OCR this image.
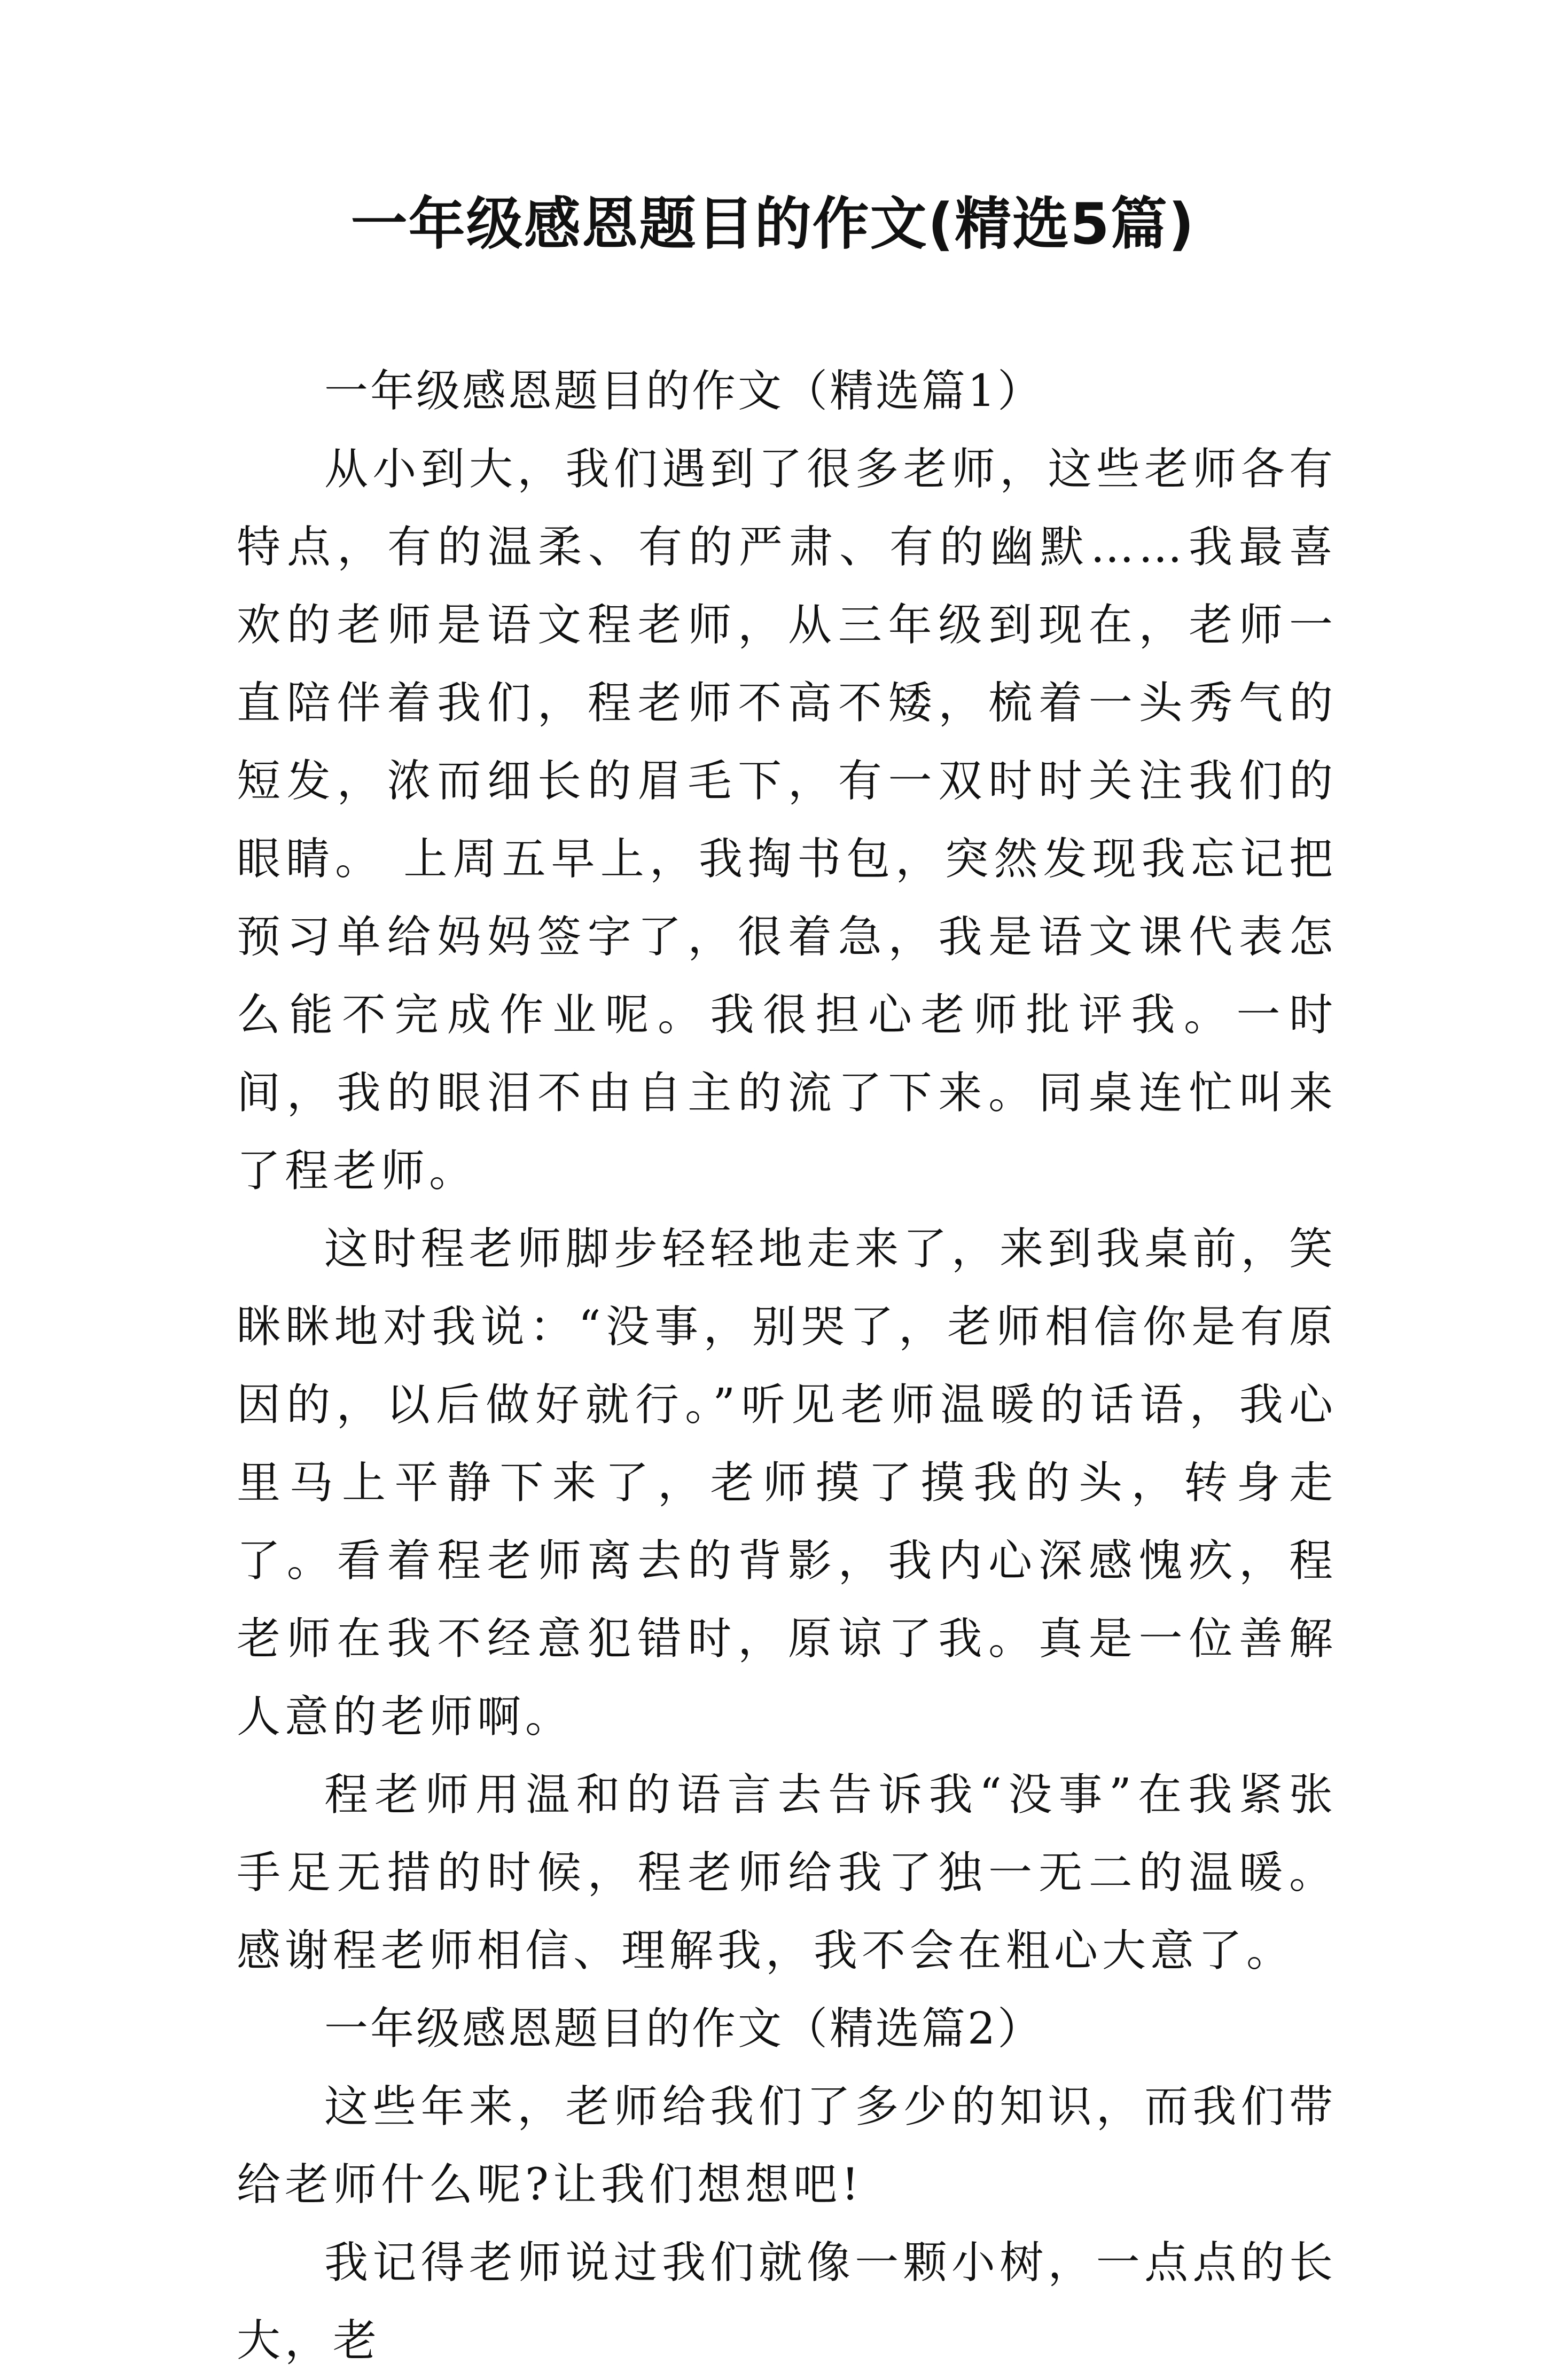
一年级感恩题目的作文(精选5篇)

一年级感恩题目的作文（精选篇1）

从小到大，我们遇到了很多老师，这些老师各有特点，有的温柔、有的严肃、有的幽默……我最喜欢的老师是语文程老师，从三年级到现在，老师一直陪伴着我们，程老师不高不矮，梳着一头秀气的短发，浓而细长的眉毛下，有一双时时关注我们的眼睛。 上周五早上，我掏书包，突然发现我忘记把预习单给妈妈签字了，很着急，我是语文课代表怎么能不完成作业呢。我很担心老师批评我。一时间，我的眼泪不由自主的流了下来。同桌连忙叫来了程老师。

这时程老师脚步轻轻地走来了，来到我桌前，笑眯眯地对我说：“没事，别哭了，老师相信你是有原因的，以后做好就行。”听见老师温暖的话语，我心里马上平静下来了，老师摸了摸我的头，转身走了。看着程老师离去的背影，我内心深感愧疚，程老师在我不经意犯错时，原谅了我。真是一位善解人意的老师啊。

程老师用温和的语言去告诉我“没事”在我紧张手足无措的时候，程老师给我了独一无二的温暖。感谢程老师相信、理解我，我不会在粗心大意了。

一年级感恩题目的作文（精选篇2）

这些年来，老师给我们了多少的知识，而我们带给老师什么呢?让我们想想吧!

我记得老师说过我们就像一颗小树，一点点的长大，老
